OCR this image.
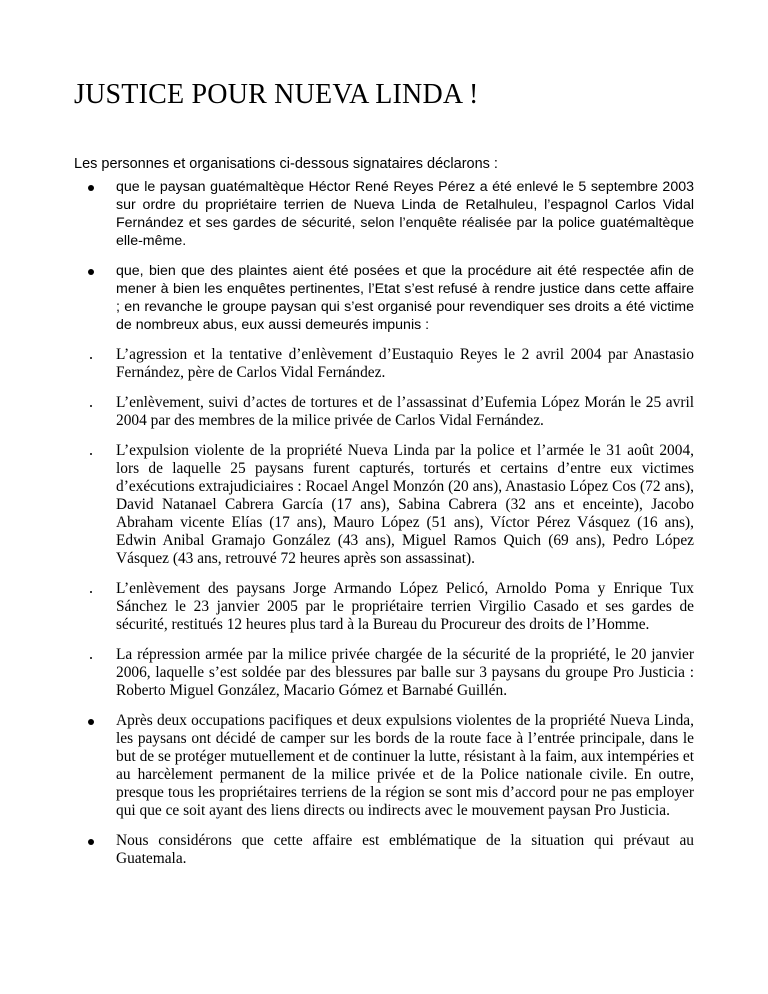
JUSTICE POUR NUEVA LINDA !

Les personnes et organisations ci-dessous signataires déclarons :

que le paysan guatémaltèque Héctor René Reyes Pérez a été enlevé le 5 septembre 2003 sur ordre du propriétaire terrien de Nueva Linda de Retalhuleu, l’espagnol Carlos Vidal Fernández et ses gardes de sécurité, selon l’enquête réalisée par la police guatémaltèque elle-même.
que, bien que des plaintes aient été posées et que la procédure ait été respectée afin de mener à bien les enquêtes pertinentes, l’Etat s’est refusé à rendre justice dans cette affaire ; en revanche le groupe paysan qui s’est organisé pour revendiquer ses droits a été victime de nombreux abus, eux aussi demeurés impunis :
L’agression et la tentative d’enlèvement d’Eustaquio Reyes le 2 avril 2004 par Anastasio Fernández, père de Carlos Vidal Fernández.
L’enlèvement, suivi d’actes de tortures et de l’assassinat d’Eufemia López Morán le 25 avril 2004 par des membres de la milice privée de Carlos Vidal Fernández.
L’expulsion violente de la propriété Nueva Linda par la police et l’armée le 31 août 2004, lors de laquelle 25 paysans furent capturés, torturés et certains d’entre eux victimes d’exécutions extrajudiciaires : Rocael Angel Monzón (20 ans), Anastasio López Cos (72 ans), David Natanael Cabrera García (17 ans), Sabina Cabrera (32 ans et enceinte), Jacobo Abraham vicente Elías (17 ans), Mauro López (51 ans), Víctor Pérez Vásquez (16 ans), Edwin Anibal Gramajo González (43 ans), Miguel Ramos Quich (69 ans), Pedro López Vásquez (43 ans, retrouvé 72 heures après son assassinat).
L’enlèvement des paysans Jorge Armando López Pelicó, Arnoldo Poma y Enrique Tux Sánchez le 23 janvier 2005 par le propriétaire terrien Virgilio Casado et ses gardes de sécurité, restitués 12 heures plus tard à la Bureau du Procureur des droits de l’Homme.
La répression armée par la milice privée chargée de la sécurité de la propriété, le 20 janvier 2006, laquelle s’est soldée par des blessures par balle sur 3 paysans du groupe Pro Justicia : Roberto Miguel González, Macario Gómez et Barnabé Guillén.
Après deux occupations pacifiques et deux expulsions violentes de la propriété Nueva Linda, les paysans ont décidé de camper sur les bords de la route face à l’entrée principale, dans le but de se protéger mutuellement et de continuer la lutte, résistant à la faim, aux intempéries et au harcèlement permanent de la milice privée et de la Police nationale civile. En outre, presque tous les propriétaires terriens de la région se sont mis d’accord pour ne pas employer qui que ce soit ayant des liens directs ou indirects avec le mouvement paysan Pro Justicia.
Nous considérons que cette affaire est emblématique de la situation qui prévaut au Guatemala.
